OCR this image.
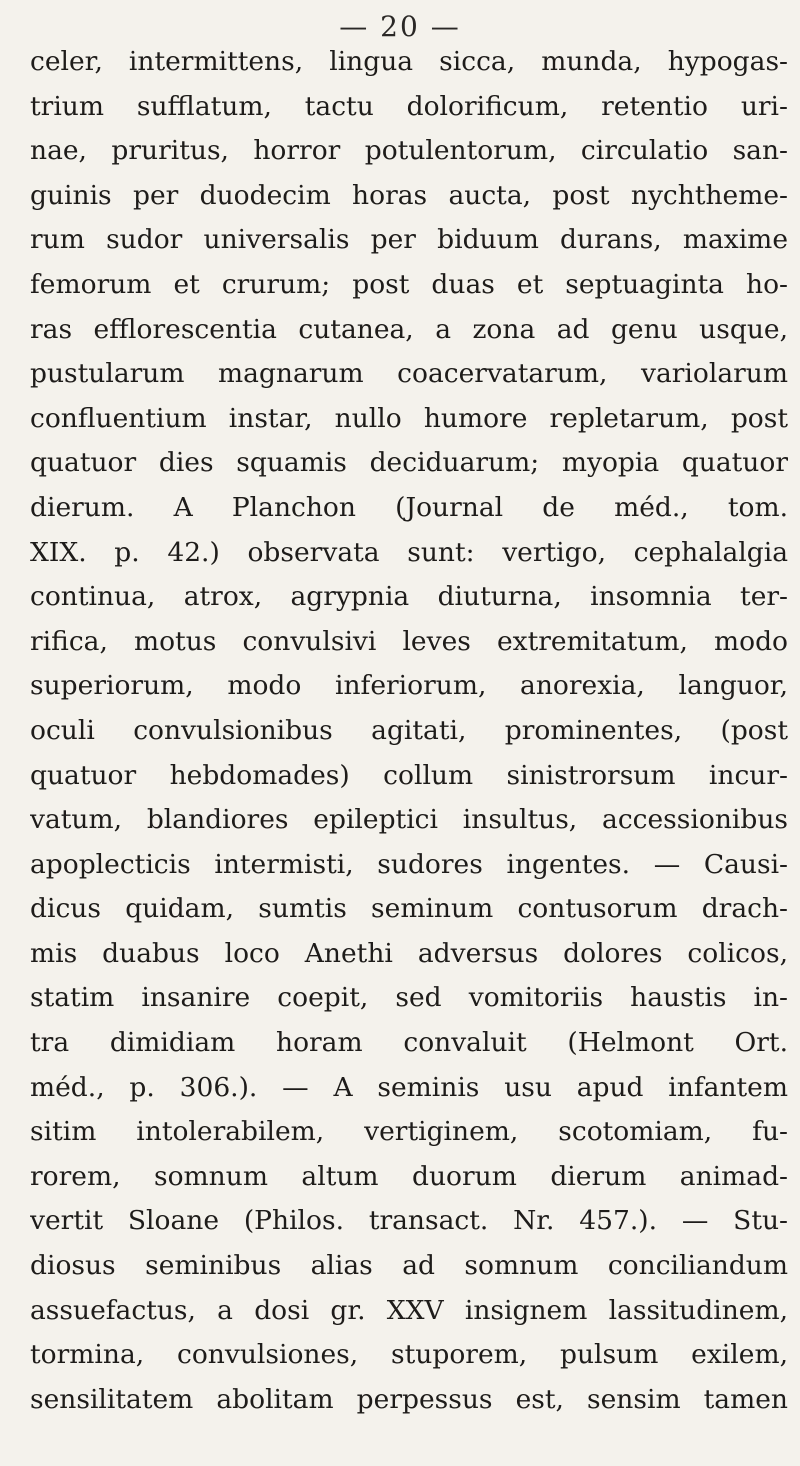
— 20 —
celer, intermittens, lingua sicca, munda, hypogas-
trium sufflatum, tactu dolorificum, retentio uri-
nae, pruritus, horror potulentorum, circulatio san-
guinis per duodecim horas aucta, post nychtheme-
rum sudor universalis per biduum durans, maxime
femorum et crurum; post duas et septuaginta ho-
ras efflorescentia cutanea, a zona ad genu usque,
pustularum magnarum coacervatarum, variolarum
confluentium instar, nullo humore repletarum, post
quatuor dies squamis deciduarum; myopia quatuor
dierum. A Planchon (Journal de méd., tom.
XIX. p. 42.) observata sunt: vertigo, cephalalgia
continua, atrox, agrypnia diuturna, insomnia ter-
rifica, motus convulsivi leves extremitatum, modo
superiorum, modo inferiorum, anorexia, languor,
oculi convulsionibus agitati, prominentes, (post
quatuor hebdomades) collum sinistrorsum incur-
vatum, blandiores epileptici insultus, accessionibus
apoplecticis intermisti, sudores ingentes. — Causi-
dicus quidam, sumtis seminum contusorum drach-
mis duabus loco Anethi adversus dolores colicos,
statim insanire coepit, sed vomitoriis haustis in-
tra dimidiam horam convaluit (Helmont Ort.
méd., p. 306.). — A seminis usu apud infantem
sitim intolerabilem, vertiginem, scotomiam, fu-
rorem, somnum altum duorum dierum animad-
vertit Sloane (Philos. transact. Nr. 457.). — Stu-
diosus seminibus alias ad somnum conciliandum
assuefactus, a dosi gr. XXV insignem lassitudinem,
tormina, convulsiones, stuporem, pulsum exilem,
sensilitatem abolitam perpessus est, sensim tamen
